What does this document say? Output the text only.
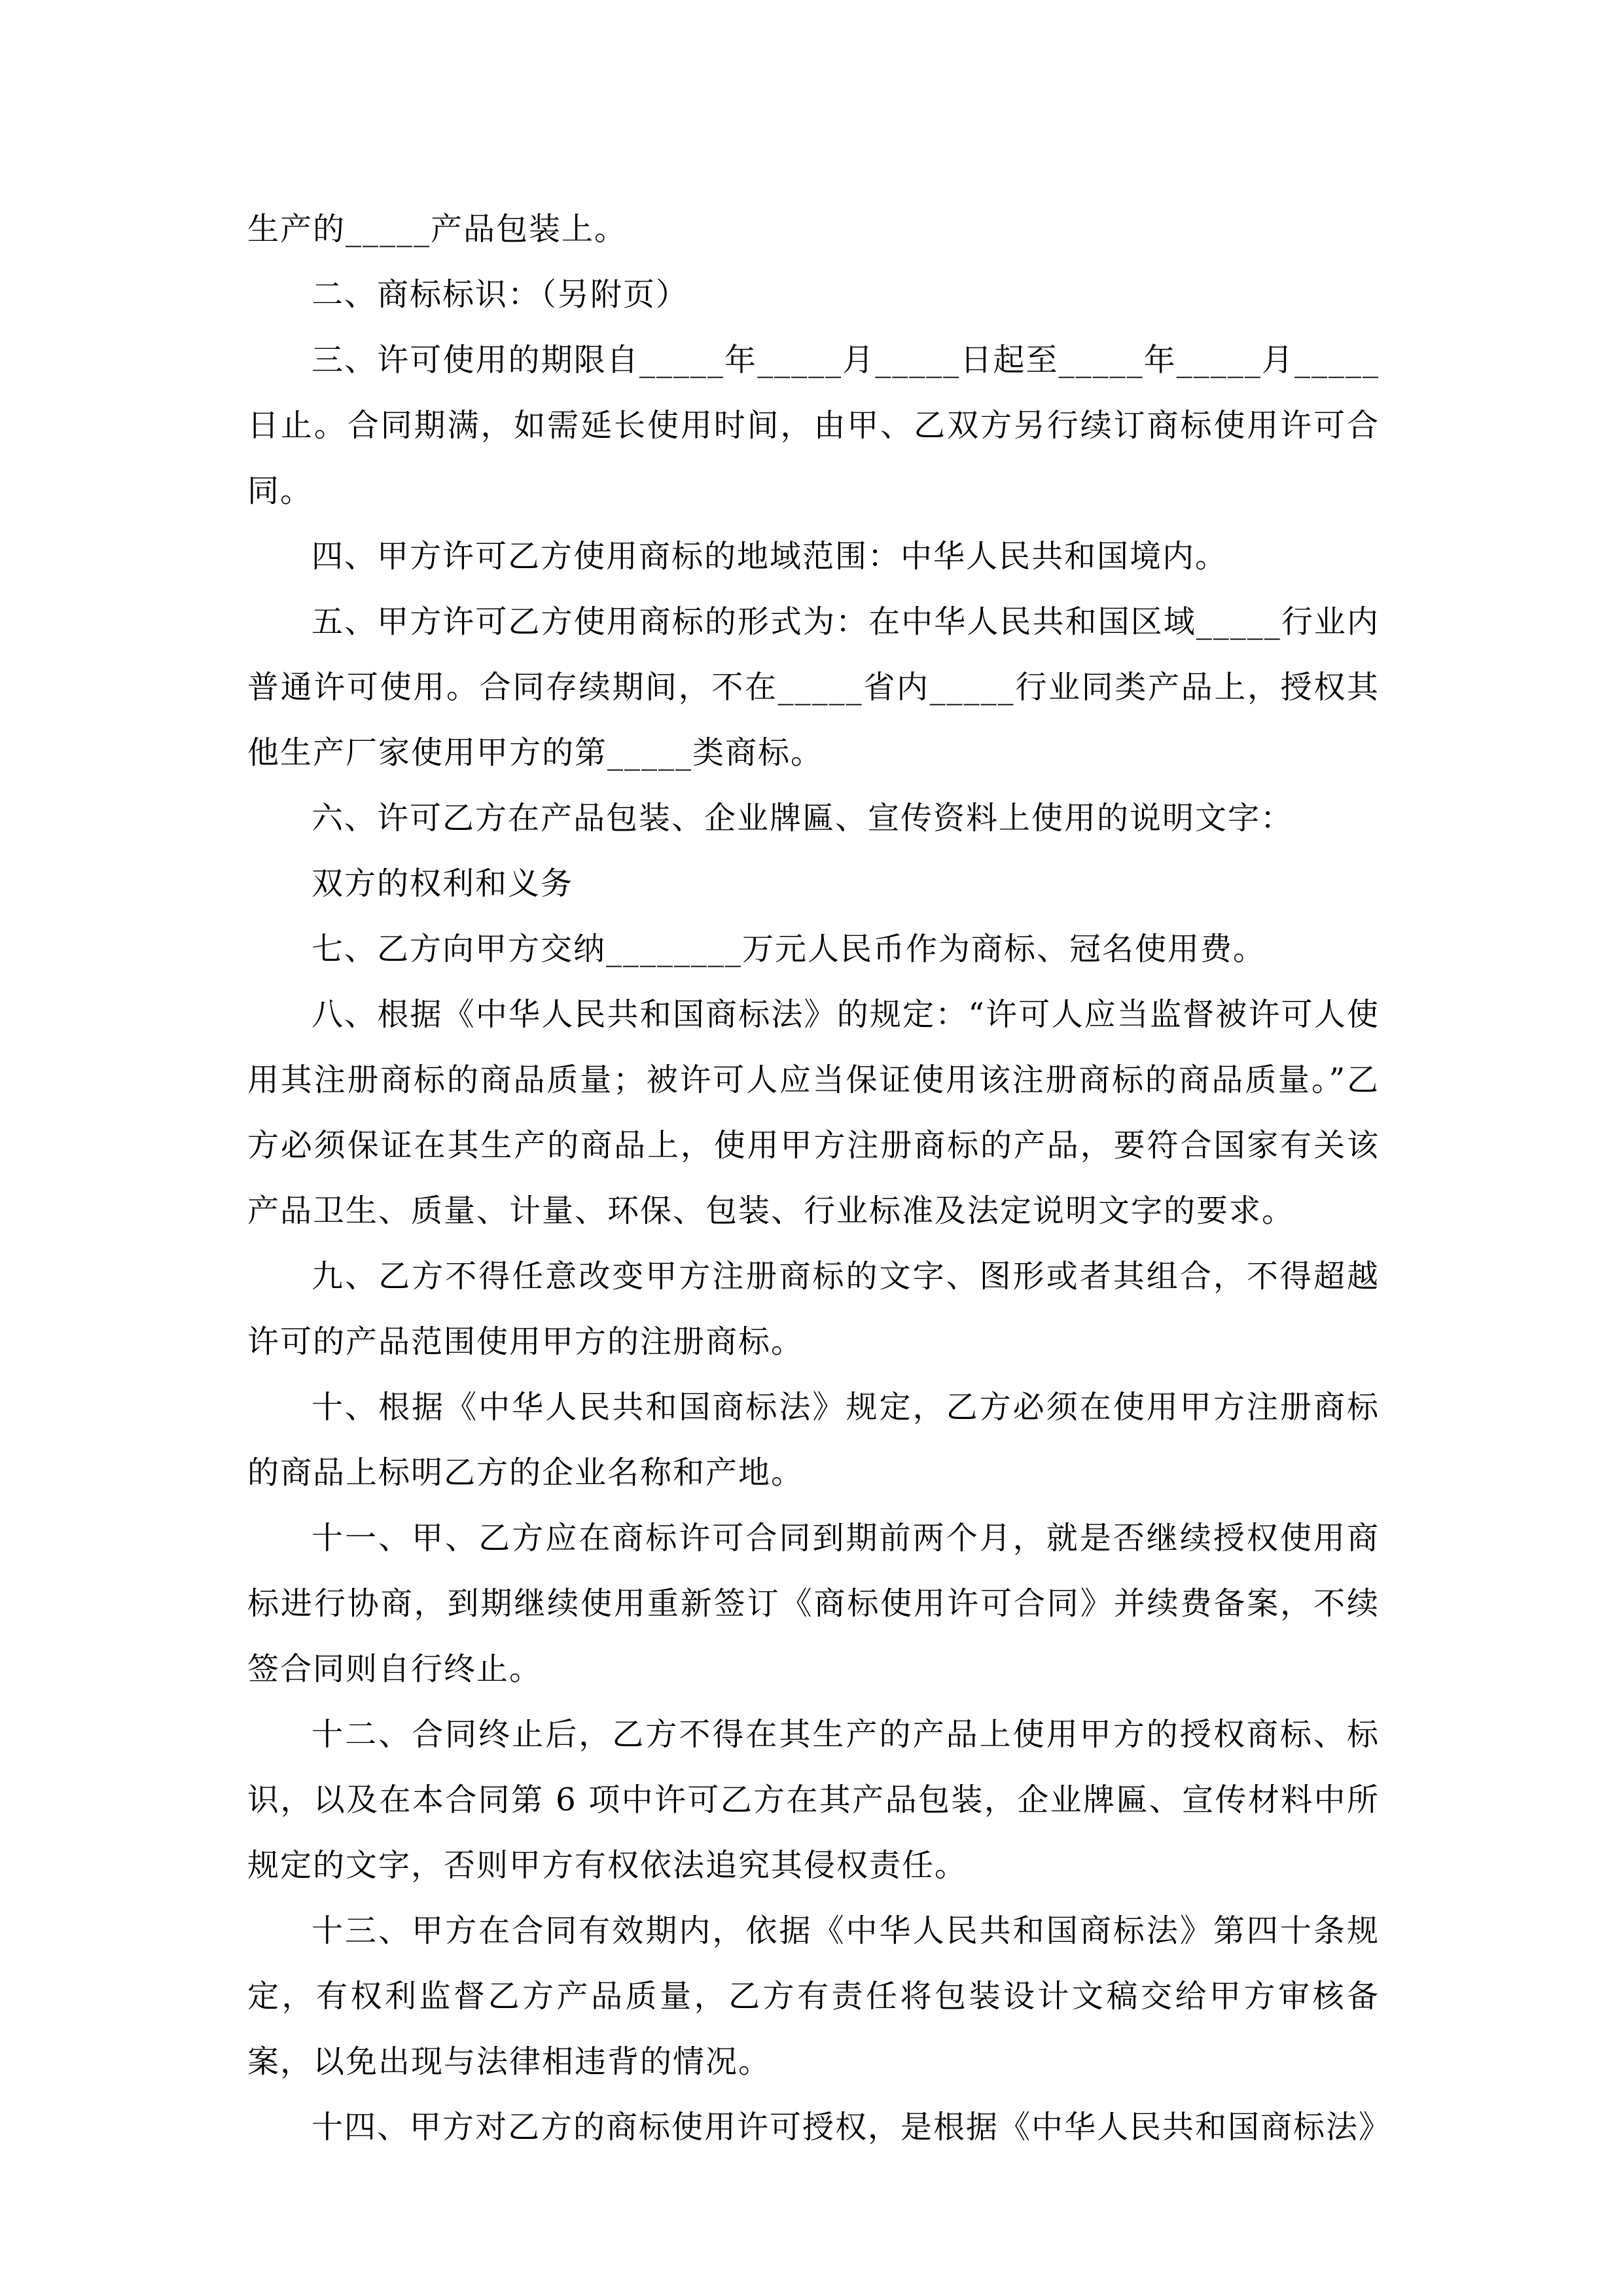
生产的_____产品包装上。

二、商标标识：（另附页）

三、许可使用的期限自_____年_____月_____日起至_____年_____月_____日止。合同期满，如需延长使用时间，由甲、乙双方另行续订商标使用许可合同。

四、甲方许可乙方使用商标的地域范围：中华人民共和国境内。

五、甲方许可乙方使用商标的形式为：在中华人民共和国区域_____行业内普通许可使用。合同存续期间，不在_____省内_____行业同类产品上，授权其他生产厂家使用甲方的第_____类商标。

六、许可乙方在产品包装、企业牌匾、宣传资料上使用的说明文字：

双方的权利和义务

七、乙方向甲方交纳________万元人民币作为商标、冠名使用费。

八、根据《中华人民共和国商标法》的规定：“许可人应当监督被许可人使用其注册商标的商品质量；被许可人应当保证使用该注册商标的商品质量。”乙方必须保证在其生产的商品上，使用甲方注册商标的产品，要符合国家有关该产品卫生、质量、计量、环保、包装、行业标准及法定说明文字的要求。

九、乙方不得任意改变甲方注册商标的文字、图形或者其组合，不得超越许可的产品范围使用甲方的注册商标。

十、根据《中华人民共和国商标法》规定，乙方必须在使用甲方注册商标的商品上标明乙方的企业名称和产地。

十一、甲、乙方应在商标许可合同到期前两个月，就是否继续授权使用商标进行协商，到期继续使用重新签订《商标使用许可合同》并续费备案，不续签合同则自行终止。

十二、合同终止后，乙方不得在其生产的产品上使用甲方的授权商标、标识，以及在本合同第 6 项中许可乙方在其产品包装，企业牌匾、宣传材料中所规定的文字，否则甲方有权依法追究其侵权责任。

十三、甲方在合同有效期内，依据《中华人民共和国商标法》第四十条规定，有权利监督乙方产品质量，乙方有责任将包装设计文稿交给甲方审核备案，以免出现与法律相违背的情况。

十四、甲方对乙方的商标使用许可授权，是根据《中华人民共和国商标法》
